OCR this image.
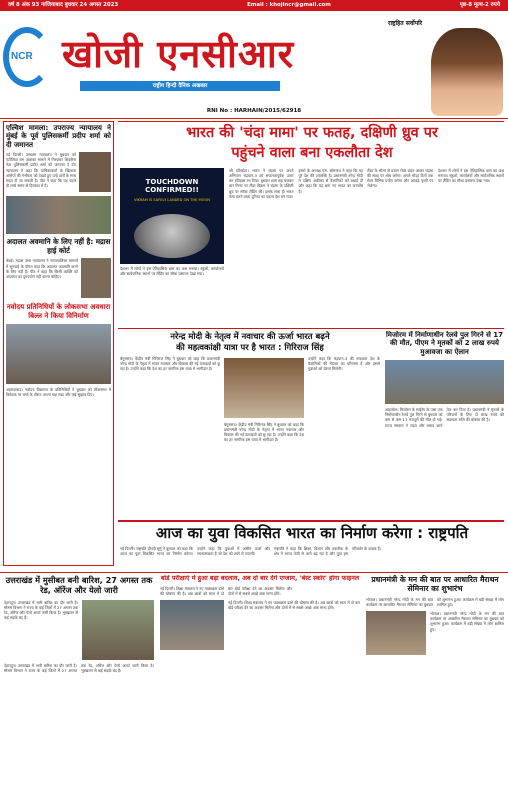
वर्ष 8 अंक 93 गाजियाबाद बुधवार 24 अगस्त 2023	Email : khojincr@gmail.com	पृष्ठ-8 मूल्य-2 रुपये
NCR खोजी एनसीआर
राष्ट्रीय हिन्दी दैनिक अखबार
राष्ट्रहित सर्वोपरि
RNI No : HARHAIN/2015/62918
एल्विश मामला: उपराज्य न्यायालय ने मुंबई के पूर्व पुलिसकर्मी प्रदीप शर्मा को दी जमानत
नई दिल्ली। उच्चतम न्यायालय ने बुधवार को एंटीलिया बम आशंका मामले में गिरफ्तार शिवसेना नेता पुलिसकर्मी प्रदीप शर्मा को जमानत दे दी। न्यायालय ने कहा कि याचिकाकर्ता के खिलाफ आरोपों की गंभीरता को देखते हुए उन्हें शर्तों के साथ राहत दी जा सकती है। पीठ ने कहा कि वह पहले ही लम्बे समय से हिरासत में हैं।
अदालत अवमानि के लिए नहीं है: मद्रास हाई कोर्ट
चेन्नई। मद्रास उच्च न्यायालय ने न्यायपालिका मामलों में सुनवाई के दौरान कहा कि अदालत अवमानि करने के लिए नहीं है। पीठ ने कहा कि किसी व्यक्ति को अदालत का दुरुपयोग नहीं करना चाहिए।
नवोदय प्रतिनिधियों के लोकसभा अवधारा बिल्ल ने किया विनिर्माण
अहमदाबाद। नवोदय विद्यालय के प्रतिनिधियों ने बुधवार को लोकसभा में विधेयक पर चर्चा के दौरान अपना पक्ष रखा और कई सुझाव दिए।
भारत की 'चंदा मामा' पर फतह, दक्षिणी ध्रुव पर
पहुंचने वाला बना एकलौता देश
TOUCHDOWN CONFIRMED!!
VIKRAM IS SAFELY LANDED ON THE MOON
श्री हरिकोटा। भारत ने चंद्रमा पर अपने अभियान चंद्रयान-3 को सफलतापूर्वक उतार कर इतिहास रच दिया। बुधवार शाम छह बजकर चार मिनट पर लैंडर विक्रम ने चंद्रमा के दक्षिणी ध्रुव पर सॉफ्ट लैंडिंग की। इसके साथ ही भारत ऐसा करने वाला दुनिया का पहला देश बन गया।
इसरो के अध्यक्ष एस. सोमनाथ ने कहा कि यह पूरे देश की उपलब्धि है। प्रधानमंत्री नरेन्द्र मोदी ने दक्षिण अफ्रीका से वैज्ञानिकों को बधाई दी और कहा कि यह क्षण नए भारत का जयघोष है।
लैंडर के भीतर से प्रज्ञान रोवर बाहर आकर चंद्रमा की सतह पर शोध करेगा। अगले चौदह दिनों तक रोवर विभिन्न प्रयोग करेगा और आंकड़े पृथ्वी पर भेजेगा।
देशभर में लोगों ने इस ऐतिहासिक क्षण का जश्न मनाया। स्कूलों, कार्यालयों और सार्वजनिक स्थानों पर लैंडिंग का सीधा प्रसारण देखा गया।
देशभर में लोगों ने इस ऐतिहासिक क्षण का जश्न मनाया। स्कूलों, कार्यालयों और सार्वजनिक स्थानों पर लैंडिंग का सीधा प्रसारण देखा गया।
नरेन्द्र मोदी के नेतृत्व में नवाचार की ऊर्जा भारत बढ़ने
की महत्वकांक्षी यात्रा पर है भारत : गिरिराज सिंह
बेगूसराय। केंद्रीय मंत्री गिरिराज सिंह ने बुधवार को कहा कि प्रधानमंत्री नरेन्द्र मोदी के नेतृत्व में भारत नवाचार और विकास की नई ऊंचाइयों को छू रहा है। उन्होंने कहा कि देश का हर नागरिक इस यात्रा में भागीदार है।
उन्होंने कहा कि चंद्रयान-3 की सफलता देश के वैज्ञानिकों की मेहनत का परिणाम है और इससे युवाओं को प्रेरणा मिलेगी।
बेगूसराय। केंद्रीय मंत्री गिरिराज सिंह ने बुधवार को कहा कि प्रधानमंत्री नरेन्द्र मोदी के नेतृत्व में भारत नवाचार और विकास की नई ऊंचाइयों को छू रहा है। उन्होंने कहा कि देश का हर नागरिक इस यात्रा में भागीदार है।
मिजोरम में निर्माणाधीन रेलवे पुल गिरने से 17 की मौत, पीएम ने मृतकों को 2 लाख रुपये मुआवजा का ऐलान
आइजोल। मिजोरम के साईरंग के पास एक निर्माणाधीन रेलवे पुल गिरने से बुधवार को कम से कम 17 मजदूरों की मौत हो गई। राज्य सरकार ने राहत और बचाव कार्य तेज कर दिया है। प्रधानमंत्री ने मृतकों के परिजनों के लिए दो लाख रुपये की सहायता राशि की घोषणा की है।
आज का युवा विकसित भारत का निर्माण करेगा : राष्ट्रपति
नई दिल्ली। राष्ट्रपति द्रौपदी मुर्मू ने बुधवार को कहा कि आज का युवा विकसित भारत का निर्माण करेगा। उन्होंने कहा कि युवाओं में असीम ऊर्जा और रचनात्मकता है जो देश को आगे ले जाएगी।
राष्ट्रपति ने कहा कि शिक्षा, विज्ञान और तकनीक के क्षेत्र में भारत तेजी से आगे बढ़ रहा है और युवा इस परिवर्तन के वाहक हैं।
उत्तराखंड में मुसीबत बनी बारिश, 27 अगस्त तक रेड, ऑरेंज और येलो जारी
देहरादून। उत्तराखंड में भारी बारिश का दौर जारी है। मौसम विभाग ने राज्य के कई जिलों में 27 अगस्त तक रेड, ऑरेंज और येलो अलर्ट जारी किया है। भूस्खलन से कई सड़कें बंद हैं।
देहरादून। उत्तराखंड में भारी बारिश का दौर जारी है। मौसम विभाग ने राज्य के कई जिलों में 27 अगस्त तक रेड, ऑरेंज और येलो अलर्ट जारी किया है। भूस्खलन से कई सड़कें बंद हैं।
बोर्ड परीक्षाएं में हुआ बड़ा बदलाव, अब दो बार देंगे एग्जाम, 'बेस्ट स्कोर' होगा फाइनल
नई दिल्ली। शिक्षा मंत्रालय ने नए पाठ्यक्रम ढांचे की घोषणा की है। अब छात्रों को साल में दो बार बोर्ड परीक्षा देने का अवसर मिलेगा और दोनों में से सबसे अच्छे अंक मान्य होंगे।
नई दिल्ली। शिक्षा मंत्रालय ने नए पाठ्यक्रम ढांचे की घोषणा की है। अब छात्रों को साल में दो बार बोर्ड परीक्षा देने का अवसर मिलेगा और दोनों में से सबसे अच्छे अंक मान्य होंगे।
प्रधानमंत्री के मन की बात पर आधारित मैराथन सेमिनार का शुभारंभ
भोपाल। प्रधानमंत्री नरेन्द्र मोदी के मन की बात कार्यक्रम पर आधारित मैराथन सेमिनार का बुधवार को शुभारंभ हुआ। कार्यक्रम में बड़ी संख्या में लोग शामिल हुए।
भोपाल। प्रधानमंत्री नरेन्द्र मोदी के मन की बात कार्यक्रम पर आधारित मैराथन सेमिनार का बुधवार को शुभारंभ हुआ। कार्यक्रम में बड़ी संख्या में लोग शामिल हुए।
